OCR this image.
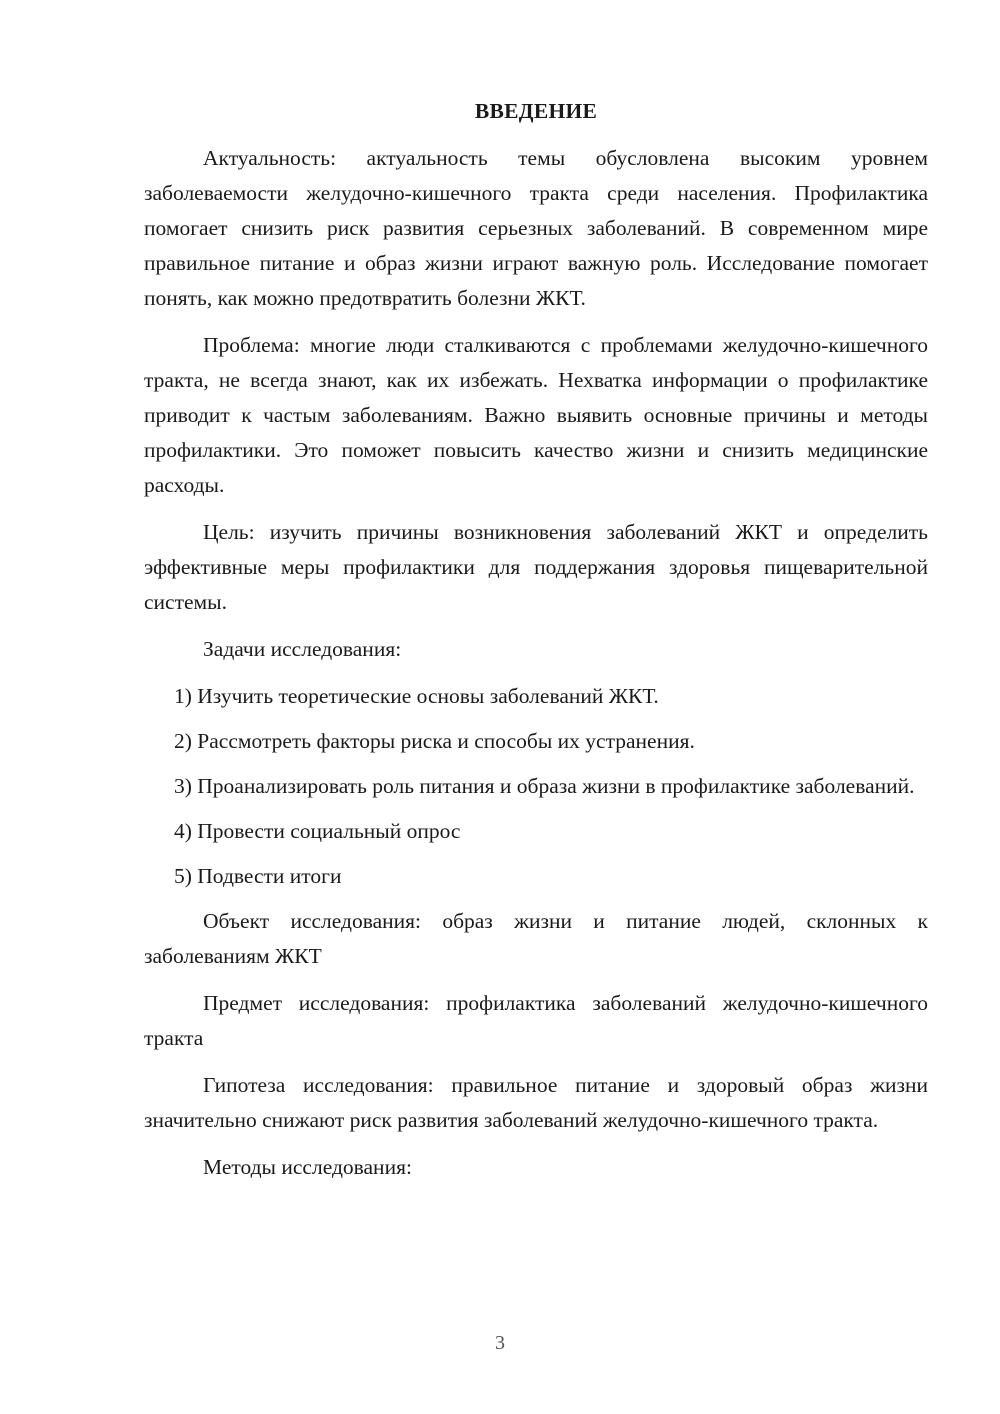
ВВЕДЕНИЕ

Актуальность: актуальность темы обусловлена высоким уровнем заболеваемости желудочно-кишечного тракта среди населения. Профилактика помогает снизить риск развития серьезных заболеваний. В современном мире правильное питание и образ жизни играют важную роль. Исследование помогает понять, как можно предотвратить болезни ЖКТ.

Проблема: многие люди сталкиваются с проблемами желудочно-кишечного тракта, не всегда знают, как их избежать. Нехватка информации о профилактике приводит к частым заболеваниям. Важно выявить основные причины и методы профилактики. Это поможет повысить качество жизни и снизить медицинские расходы.

Цель: изучить причины возникновения заболеваний ЖКТ и определить эффективные меры профилактики для поддержания здоровья пищеварительной системы.

Задачи исследования:

1) Изучить теоретические основы заболеваний ЖКТ.

2) Рассмотреть факторы риска и способы их устранения.

3) Проанализировать роль питания и образа жизни в профилактике заболеваний.

4) Провести социальный опрос

5) Подвести итоги

Объект исследования: образ жизни и питание людей, склонных к заболеваниям ЖКТ

Предмет исследования: профилактика заболеваний желудочно-кишечного тракта

Гипотеза исследования: правильное питание и здоровый образ жизни значительно снижают риск развития заболеваний желудочно-кишечного тракта.

Методы исследования:

3
